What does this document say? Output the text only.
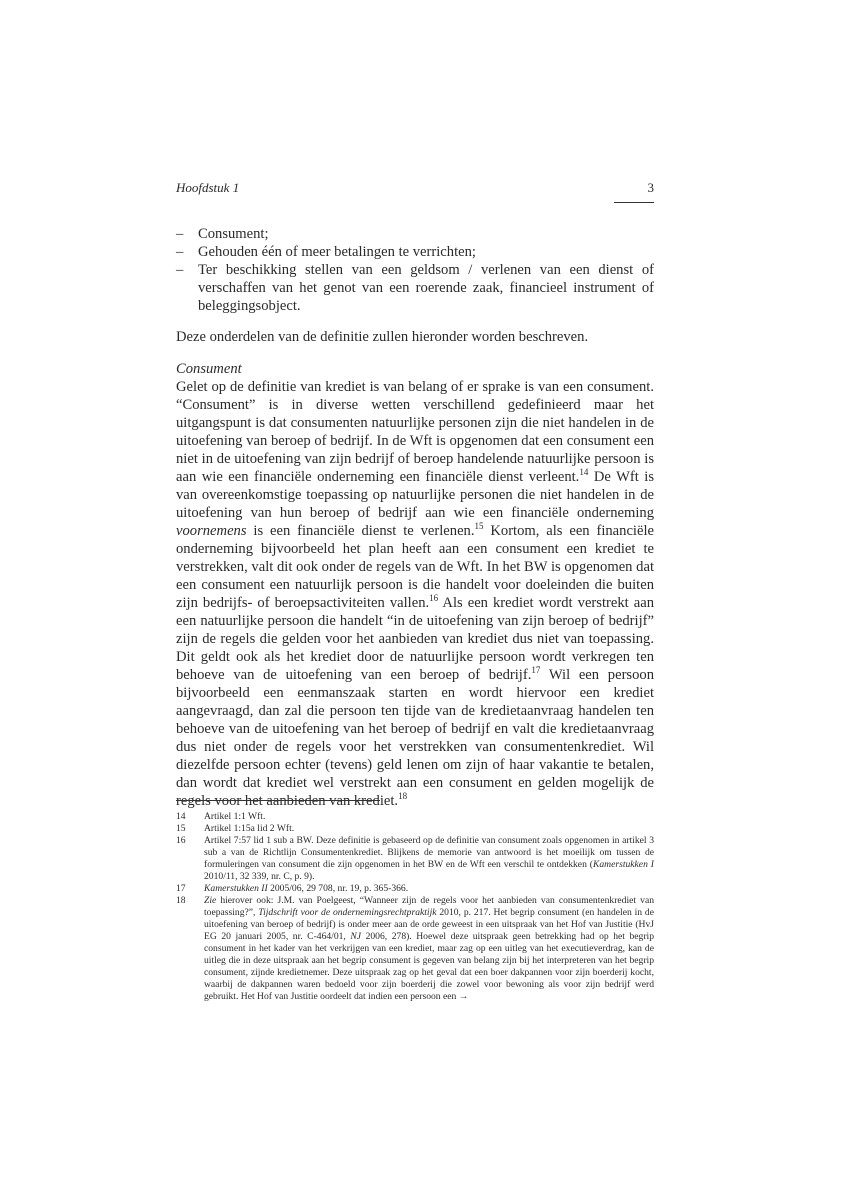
Hoofdstuk 1	3
– Consument;
– Gehouden één of meer betalingen te verrichten;
– Ter beschikking stellen van een geldsom / verlenen van een dienst of verschaffen van het genot van een roerende zaak, financieel instrument of beleggingsobject.

Deze onderdelen van de definitie zullen hieronder worden beschreven.

Consument

Gelet op de definitie van krediet is van belang of er sprake is van een consument. “Consument” is in diverse wetten verschillend gedefinieerd maar het uitgangspunt is dat consumenten natuurlijke personen zijn die niet handelen in de uitoefening van beroep of bedrijf. In de Wft is opgenomen dat een consument een niet in de uitoefening van zijn bedrijf of beroep handelende natuurlijke persoon is aan wie een financiële onderneming een financiële dienst verleent.$^{14}$ De Wft is van overeenkomstige toepassing op natuurlijke personen die niet handelen in de uitoefening van hun beroep of bedrijf aan wie een financiële onderneming voornemens is een financiële dienst te verlenen.$^{15}$ Kortom, als een financiële onderneming bijvoorbeeld het plan heeft aan een consument een krediet te verstrekken, valt dit ook onder de regels van de Wft. In het BW is opgenomen dat een consument een natuurlijk persoon is die handelt voor doeleinden die buiten zijn bedrijfs- of beroepsactiviteiten vallen.$^{16}$ Als een krediet wordt verstrekt aan een natuurlijke persoon die handelt “in de uitoefening van zijn beroep of bedrijf” zijn de regels die gelden voor het aanbieden van krediet dus niet van toepassing. Dit geldt ook als het krediet door de natuurlijke persoon wordt verkregen ten behoeve van de uitoefening van een beroep of bedrijf.$^{17}$ Wil een persoon bijvoorbeeld een eenmanszaak starten en wordt hiervoor een krediet aangevraagd, dan zal die persoon ten tijde van de kredietaanvraag handelen ten behoeve van de uitoefening van het beroep of bedrijf en valt die kredietaanvraag dus niet onder de regels voor het verstrekken van consumentenkrediet. Wil diezelfde persoon echter (tevens) geld lenen om zijn of haar vakantie te betalen, dan wordt dat krediet wel verstrekt aan een consument en gelden mogelijk de regels voor het aanbieden van krediet.$^{18}$

14 Artikel 1:1 Wft.
15 Artikel 1:15a lid 2 Wft.
16 Artikel 7:57 lid 1 sub a BW. Deze definitie is gebaseerd op de definitie van consument zoals opgenomen in artikel 3 sub a van de Richtlijn Consumentenkrediet. Blijkens de memorie van antwoord is het moeilijk om tussen de formuleringen van consument die zijn opgenomen in het BW en de Wft een verschil te ontdekken (Kamerstukken I 2010/11, 32 339, nr. C, p. 9).
17 Kamerstukken II 2005/06, 29 708, nr. 19, p. 365-366.
18 Zie hierover ook: J.M. van Poelgeest, “Wanneer zijn de regels voor het aanbieden van consumentenkrediet van toepassing?”, Tijdschrift voor de ondernemingsrechtpraktijk 2010, p. 217. Het begrip consument (en handelen in de uitoefening van beroep of bedrijf) is onder meer aan de orde geweest in een uitspraak van het Hof van Justitie (HvJ EG 20 januari 2005, nr. C-464/01, NJ 2006, 278). Hoewel deze uitspraak geen betrekking had op het begrip consument in het kader van het verkrijgen van een krediet, maar zag op een uitleg van het executieverdrag, kan de uitleg die in deze uitspraak aan het begrip consument is gegeven van belang zijn bij het interpreteren van het begrip consument, zijnde kredietnemer. Deze uitspraak zag op het geval dat een boer dakpannen voor zijn boerderij kocht, waarbij de dakpannen waren bedoeld voor zijn boerderij die zowel voor bewoning als voor zijn bedrijf werd gebruikt. Het Hof van Justitie oordeelt dat indien een persoon een →
